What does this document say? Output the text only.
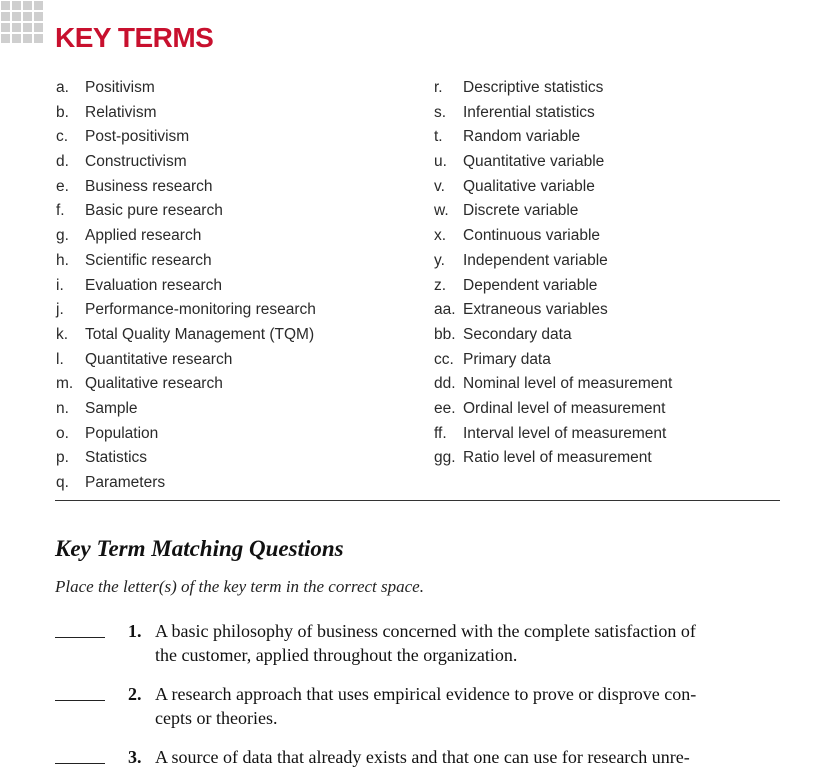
KEY TERMS
a. Positivism
b. Relativism
c. Post-positivism
d. Constructivism
e. Business research
f. Basic pure research
g. Applied research
h. Scientific research
i. Evaluation research
j. Performance-monitoring research
k. Total Quality Management (TQM)
l. Quantitative research
m. Qualitative research
n. Sample
o. Population
p. Statistics
q. Parameters
r. Descriptive statistics
s. Inferential statistics
t. Random variable
u. Quantitative variable
v. Qualitative variable
w. Discrete variable
x. Continuous variable
y. Independent variable
z. Dependent variable
aa. Extraneous variables
bb. Secondary data
cc. Primary data
dd. Nominal level of measurement
ee. Ordinal level of measurement
ff. Interval level of measurement
gg. Ratio level of measurement
Key Term Matching Questions

Place the letter(s) of the key term in the correct space.

1. A basic philosophy of business concerned with the complete satisfaction of
the customer, applied throughout the organization.
2. A research approach that uses empirical evidence to prove or disprove con-
cepts or theories.
3. A source of data that already exists and that one can use for research unre-
